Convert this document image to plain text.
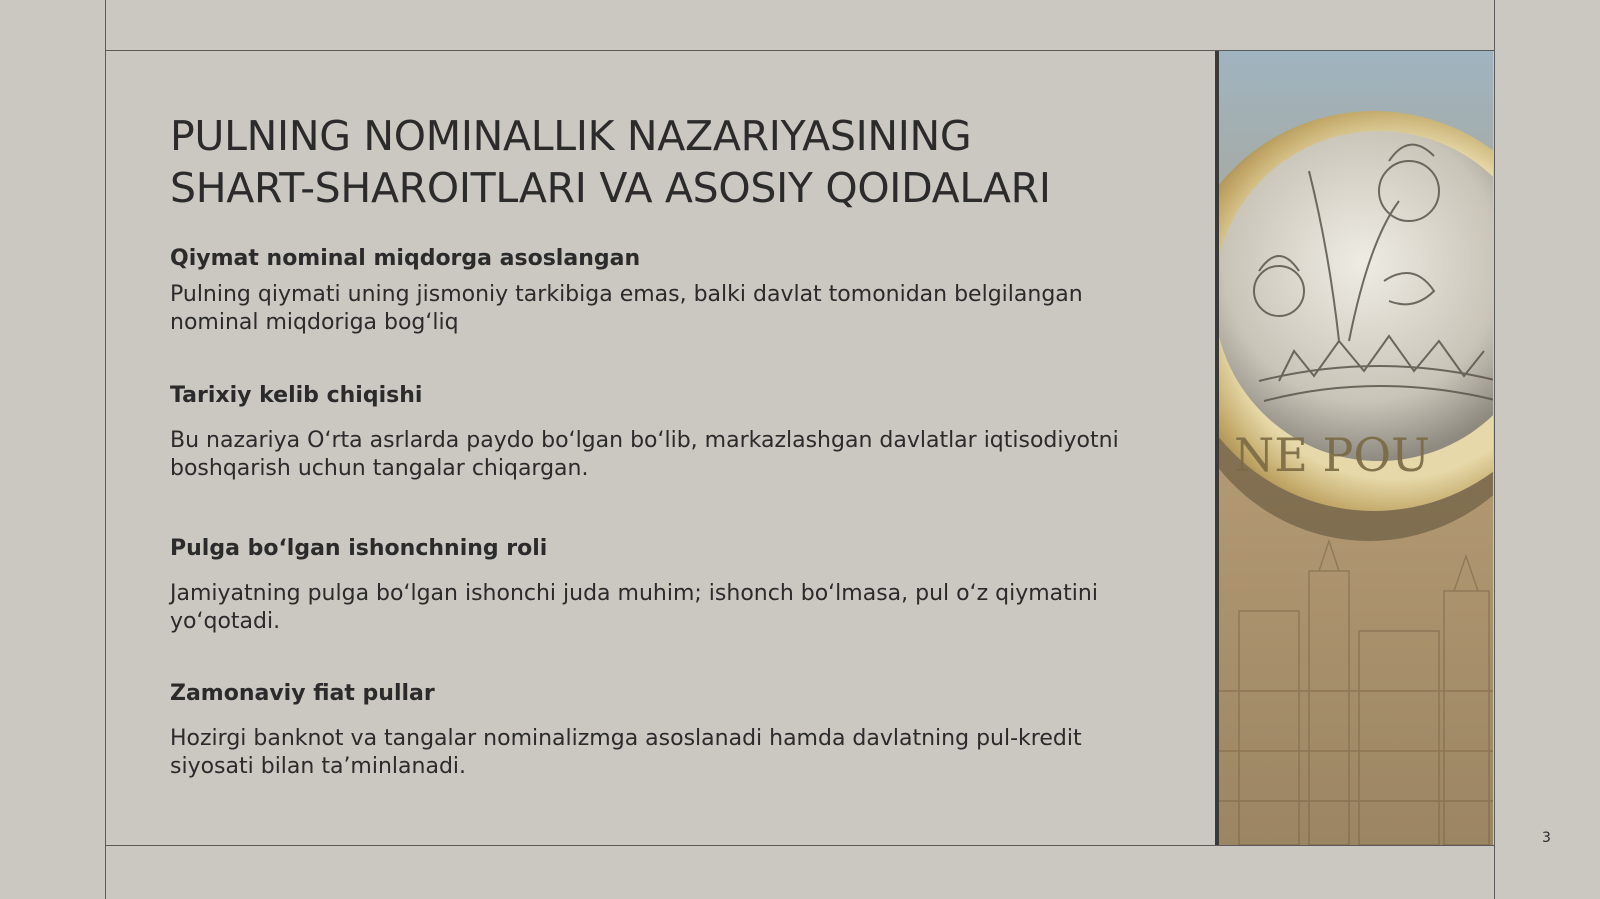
PULNING NOMINALLIK NAZARIYASINING
SHART-SHAROITLARI VA ASOSIY QOIDALARI

Qiymat nominal miqdorga asoslangan

Pulning qiymati uning jismoniy tarkibiga emas, balki davlat tomonidan belgilangan nominal miqdoriga bog‘liq

Tarixiy kelib chiqishi

Bu nazariya O‘rta asrlarda paydo bo‘lgan bo‘lib, markazlashgan davlatlar iqtisodiyotni boshqarish uchun tangalar chiqargan.

Pulga bo‘lgan ishonchning roli

Jamiyatning pulga bo‘lgan ishonchi juda muhim; ishonch bo‘lmasa, pul o‘z qiymatini yo‘qotadi.

Zamonaviy fiat pullar

Hozirgi banknot va tangalar nominalizmga asoslanadi hamda davlatning pul-kredit siyosati bilan ta’minlanadi.

NE POU
3
